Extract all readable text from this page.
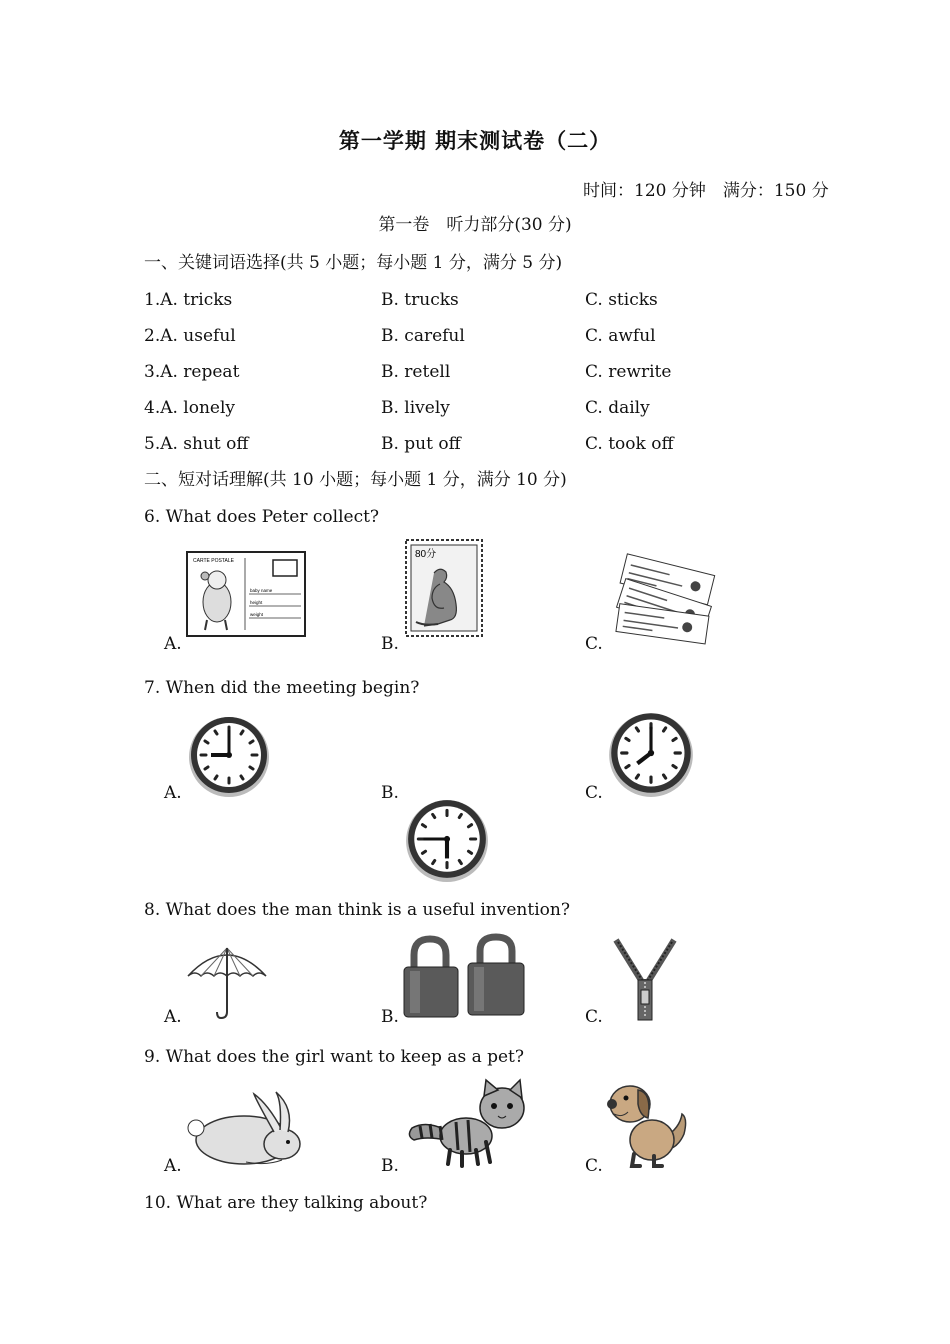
第一学期 期末测试卷（二）
时间：120 分钟　满分：150 分
第一卷　听力部分(30 分)
一、关键词语选择(共 5 小题；每小题 1 分，满分 5 分)
1.A. tricks	B. trucks	C. sticks
2.A. useful	B. careful	C. awful
3.A. repeat	B. retell	C. rewrite
4.A. lonely	B. lively	C. daily
5.A. shut off	B. put off	C. took off
二、短对话理解(共 10 小题；每小题 1 分，满分 10 分)
6. What does Peter collect?
CARTE POSTALE
baby name
height
weight
A.
80分
B.	C.
7. When did the meeting begin?
A.	B.	C.
8. What does the man think is a useful invention?
A.	B.	C.
9. What does the girl want to keep as a pet?
A.	B.	C.
10. What are they talking about?
